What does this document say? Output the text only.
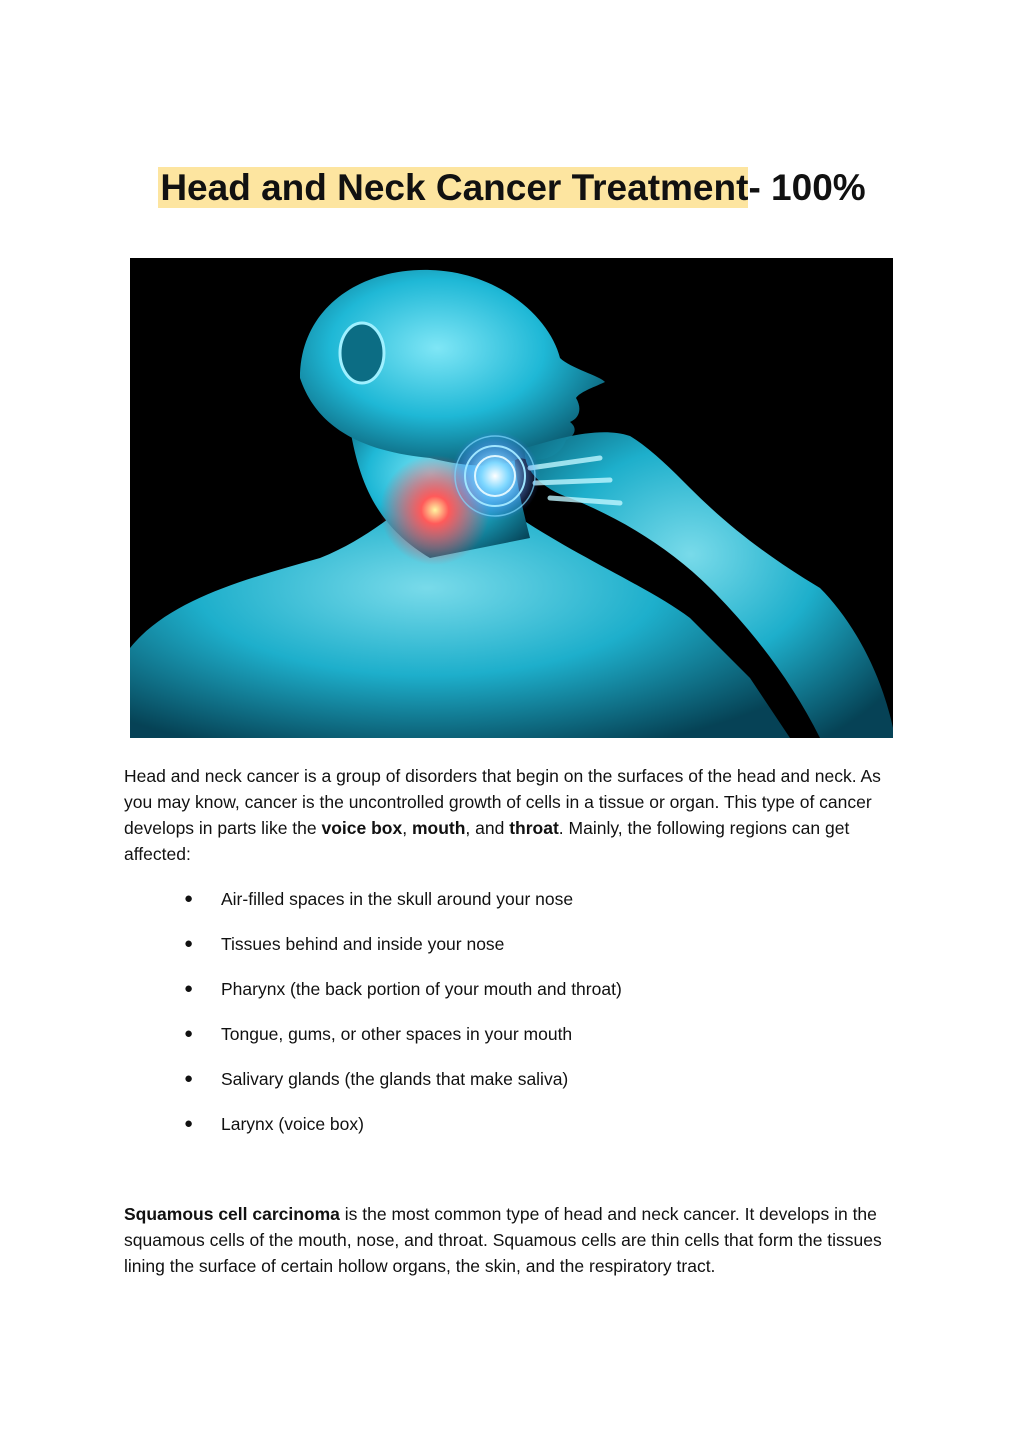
Head and Neck Cancer Treatment- 100%

Head and neck cancer is a group of disorders that begin on the surfaces of the head and neck. As you may know, cancer is the uncontrolled growth of cells in a tissue or organ. This type of cancer develops in parts like the voice box, mouth, and throat. Mainly, the following regions can get affected:

● Air-filled spaces in the skull around your nose
● Tissues behind and inside your nose
● Pharynx (the back portion of your mouth and throat)
● Tongue, gums, or other spaces in your mouth
● Salivary glands (the glands that make saliva)
● Larynx (voice box)

Squamous cell carcinoma is the most common type of head and neck cancer. It develops in the squamous cells of the mouth, nose, and throat. Squamous cells are thin cells that form the tissues lining the surface of certain hollow organs, the skin, and the respiratory tract.
